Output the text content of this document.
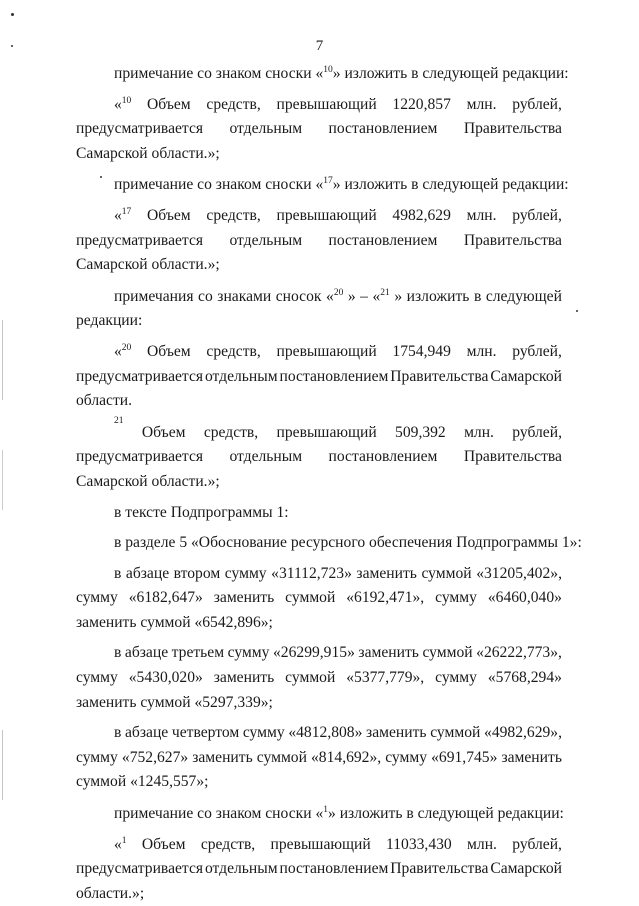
7
примечание со знаком сноски «$^{10}$» изложить в следующей редакции:
«$^{10}$ Объем средств, превышающий 1220,857 млн. рублей,
предусматривается отдельным постановлением Правительства
Самарской области.»;
примечание со знаком сноски «$^{17}$» изложить в следующей редакции:
«$^{17}$ Объем средств, превышающий 4982,629 млн. рублей,
предусматривается отдельным постановлением Правительства
Самарской области.»;
примечания со знаками сносок «$^{20}$ » – «$^{21}$ » изложить в следующей
редакции:
«$^{20}$ Объем средств, превышающий 1754,949 млн. рублей,
предусматривается отдельным постановлением Правительства Самарской
области.
21
Объем средств, превышающий 509,392 млн. рублей,
предусматривается отдельным постановлением Правительства
Самарской области.»;
в тексте Подпрограммы 1:
в разделе 5 «Обоснование ресурсного обеспечения Подпрограммы 1»:
в абзаце втором сумму «31112,723» заменить суммой «31205,402»,
сумму «6182,647» заменить суммой «6192,471», сумму «6460,040»
заменить суммой «6542,896»;
в абзаце третьем сумму «26299,915» заменить суммой «26222,773»,
сумму «5430,020» заменить суммой «5377,779», сумму «5768,294»
заменить суммой «5297,339»;
в абзаце четвертом сумму «4812,808» заменить суммой «4982,629»,
сумму «752,627» заменить суммой «814,692», сумму «691,745» заменить
суммой «1245,557»;
примечание со знаком сноски «$^1$» изложить в следующей редакции:
«$^1$ Объем средств, превышающий 11033,430 млн. рублей,
предусматривается отдельным постановлением Правительства Самарской
области.»;
